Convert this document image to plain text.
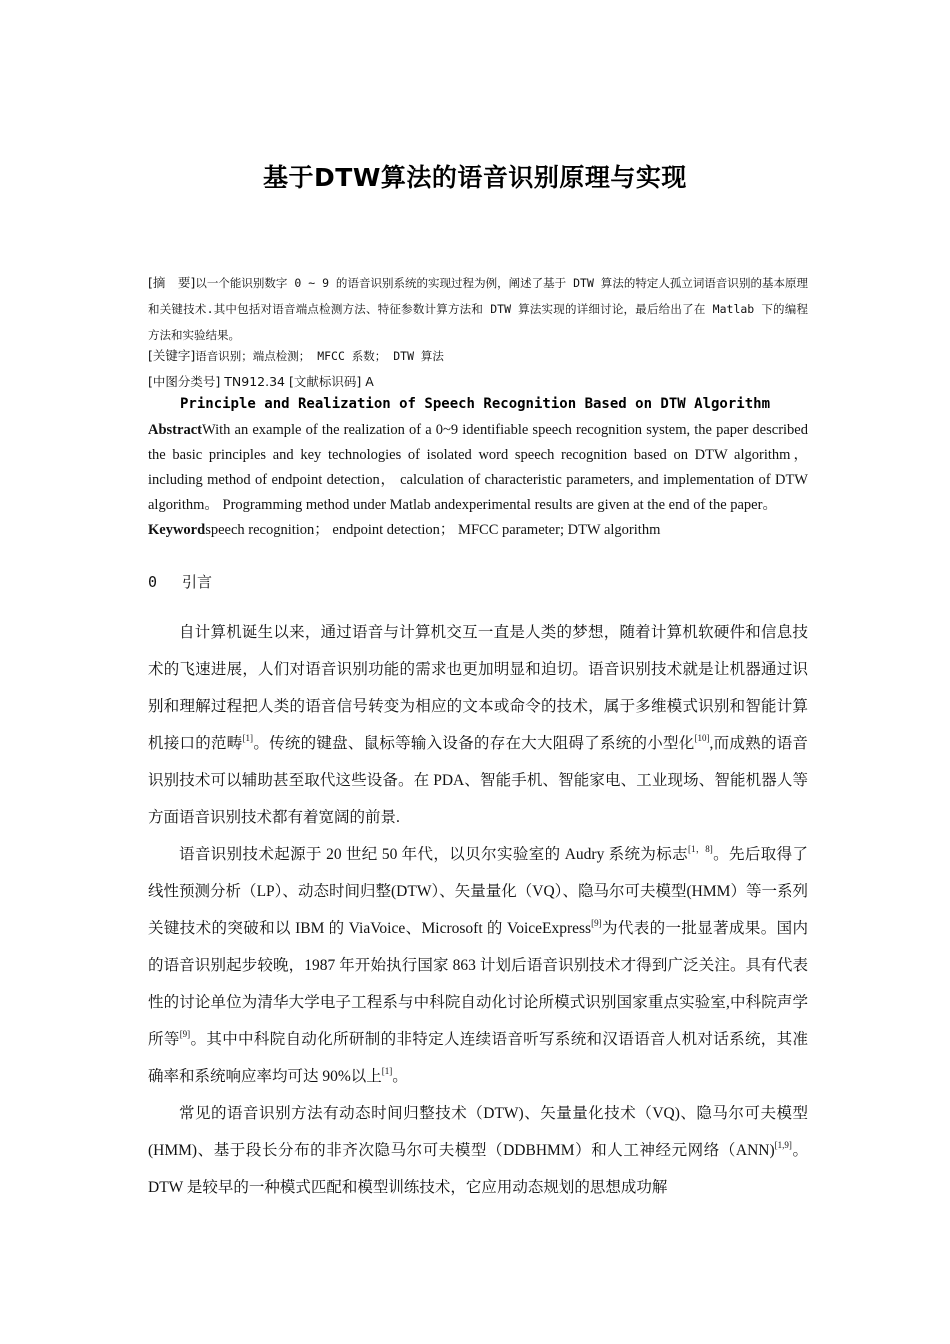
基于DTW算法的语音识别原理与实现
[摘　要]以一个能识别数字 0 ~ 9 的语音识别系统的实现过程为例，阐述了基于 DTW 算法的特定人孤立词语音识别的基本原理和关键技术.其中包括对语音端点检测方法、特征参数计算方法和 DTW 算法实现的详细讨论，最后给出了在 Matlab 下的编程方法和实验结果。
[关键字]语音识别；端点检测； MFCC 系数； DTW 算法
[中图分类号] TN912.34 [文献标识码] A
Principle and Realization of Speech Recognition Based on DTW Algorithm
AbstractWith an example of the realization of a 0~9 identifiable speech recognition system, the paper described the basic principles and key technologies of isolated word speech recognition based on DTW algorithm，including method of endpoint detection， calculation of characteristic parameters, and implementation of DTW algorithm。 Programming method under Matlab andexperimental results are given at the end of the paper。
Keywordspeech recognition； endpoint detection； MFCC parameter; DTW algorithm
0 引言

自计算机诞生以来，通过语音与计算机交互一直是人类的梦想，随着计算机软硬件和信息技术的飞速进展，人们对语音识别功能的需求也更加明显和迫切。语音识别技术就是让机器通过识别和理解过程把人类的语音信号转变为相应的文本或命令的技术，属于多维模式识别和智能计算机接口的范畴[1]。传统的键盘、鼠标等输入设备的存在大大阻碍了系统的小型化[10],而成熟的语音识别技术可以辅助甚至取代这些设备。在 PDA、智能手机、智能家电、工业现场、智能机器人等方面语音识别技术都有着宽阔的前景.

语音识别技术起源于 20 世纪 50 年代，以贝尔实验室的 Audry 系统为标志[1，8]。先后取得了线性预测分析（LP）、动态时间归整(DTW）、矢量量化（VQ）、隐马尔可夫模型(HMM）等一系列关键技术的突破和以 IBM 的 ViaVoice、Microsoft 的 VoiceExpress[9]为代表的一批显著成果。国内的语音识别起步较晚，1987 年开始执行国家 863 计划后语音识别技术才得到广泛关注。具有代表性的讨论单位为清华大学电子工程系与中科院自动化讨论所模式识别国家重点实验室,中科院声学所等[9]。其中中科院自动化所研制的非特定人连续语音听写系统和汉语语音人机对话系统，其准确率和系统响应率均可达 90%以上[1]。

常见的语音识别方法有动态时间归整技术（DTW)、矢量量化技术（VQ)、隐马尔可夫模型(HMM)、基于段长分布的非齐次隐马尔可夫模型（DDBHMM）和人工神经元网络（ANN)[1,9]。DTW 是较早的一种模式匹配和模型训练技术，它应用动态规划的思想成功解
